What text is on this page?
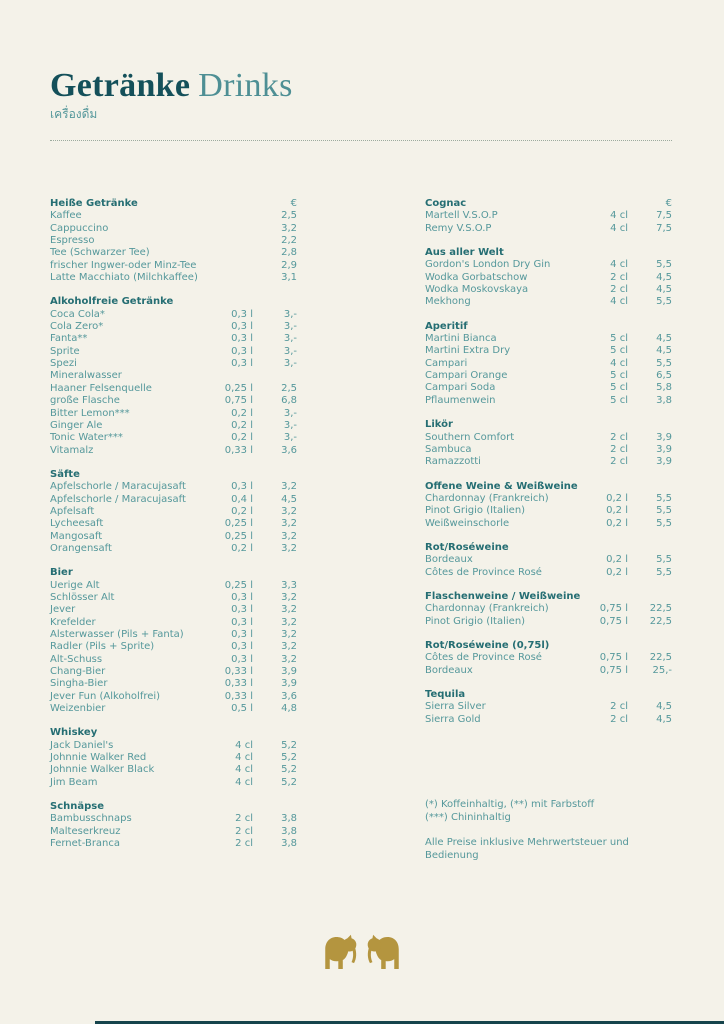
Getränke Drinks
เครื่องดื่ม
Heiße Getränke	€
Kaffee	2,5
Cappuccino	3,2
Espresso	2,2
Tee (Schwarzer Tee)	2,8
frischer Ingwer-oder Minz-Tee	2,9
Latte Macchiato (Milchkaffee)	3,1
Alkoholfreie Getränke
Coca Cola*	0,3 l	3,-
Cola Zero*	0,3 l	3,-
Fanta**	0,3 l	3,-
Sprite	0,3 l	3,-
Spezi	0,3 l	3,-
Mineralwasser
Haaner Felsenquelle	0,25 l	2,5
große Flasche	0,75 l	6,8
Bitter Lemon***	0,2 l	3,-
Ginger Ale	0,2 l	3,-
Tonic Water***	0,2 l	3,-
Vitamalz	0,33 l	3,6
Säfte
Apfelschorle / Maracujasaft	0,3 l	3,2
Apfelschorle / Maracujasaft	0,4 l	4,5
Apfelsaft	0,2 l	3,2
Lycheesaft	0,25 l	3,2
Mangosaft	0,25 l	3,2
Orangensaft	0,2 l	3,2
Bier
Uerige Alt	0,25 l	3,3
Schlösser Alt	0,3 l	3,2
Jever	0,3 l	3,2
Krefelder	0,3 l	3,2
Alsterwasser (Pils + Fanta)	0,3 l	3,2
Radler (Pils + Sprite)	0,3 l	3,2
Alt-Schuss	0,3 l	3,2
Chang-Bier	0,33 l	3,9
Singha-Bier	0,33 l	3,9
Jever Fun (Alkoholfrei)	0,33 l	3,6
Weizenbier	0,5 l	4,8
Whiskey
Jack Daniel's	4 cl	5,2
Johnnie Walker Red	4 cl	5,2
Johnnie Walker Black	4 cl	5,2
Jim Beam	4 cl	5,2
Schnäpse
Bambusschnaps	2 cl	3,8
Malteserkreuz	2 cl	3,8
Fernet-Branca	2 cl	3,8
Cognac	€
Martell V.S.O.P	4 cl	7,5
Remy V.S.O.P	4 cl	7,5
Aus aller Welt
Gordon's London Dry Gin	4 cl	5,5
Wodka Gorbatschow	2 cl	4,5
Wodka Moskovskaya	2 cl	4,5
Mekhong	4 cl	5,5
Aperitif
Martini Bianca	5 cl	4,5
Martini Extra Dry	5 cl	4,5
Campari	4 cl	5,5
Campari Orange	5 cl	6,5
Campari Soda	5 cl	5,8
Pflaumenwein	5 cl	3,8
Likör
Southern Comfort	2 cl	3,9
Sambuca	2 cl	3,9
Ramazzotti	2 cl	3,9
Offene Weine & Weißweine
Chardonnay (Frankreich)	0,2 l	5,5
Pinot Grigio (Italien)	0,2 l	5,5
Weißweinschorle	0,2 l	5,5
Rot/Roséweine
Bordeaux	0,2 l	5,5
Côtes de Province Rosé	0,2 l	5,5
Flaschenweine / Weißweine
Chardonnay (Frankreich)	0,75 l	22,5
Pinot Grigio (Italien)	0,75 l	22,5
Rot/Roséweine (0,75l)
Côtes de Province Rosé	0,75 l	22,5
Bordeaux	0,75 l	25,-
Tequila
Sierra Silver	2 cl	4,5
Sierra Gold	2 cl	4,5
(*) Koffeinhaltig, (**) mit Farbstoff
(***) Chininhaltig
Alle Preise inklusive Mehrwertsteuer und Bedienung
